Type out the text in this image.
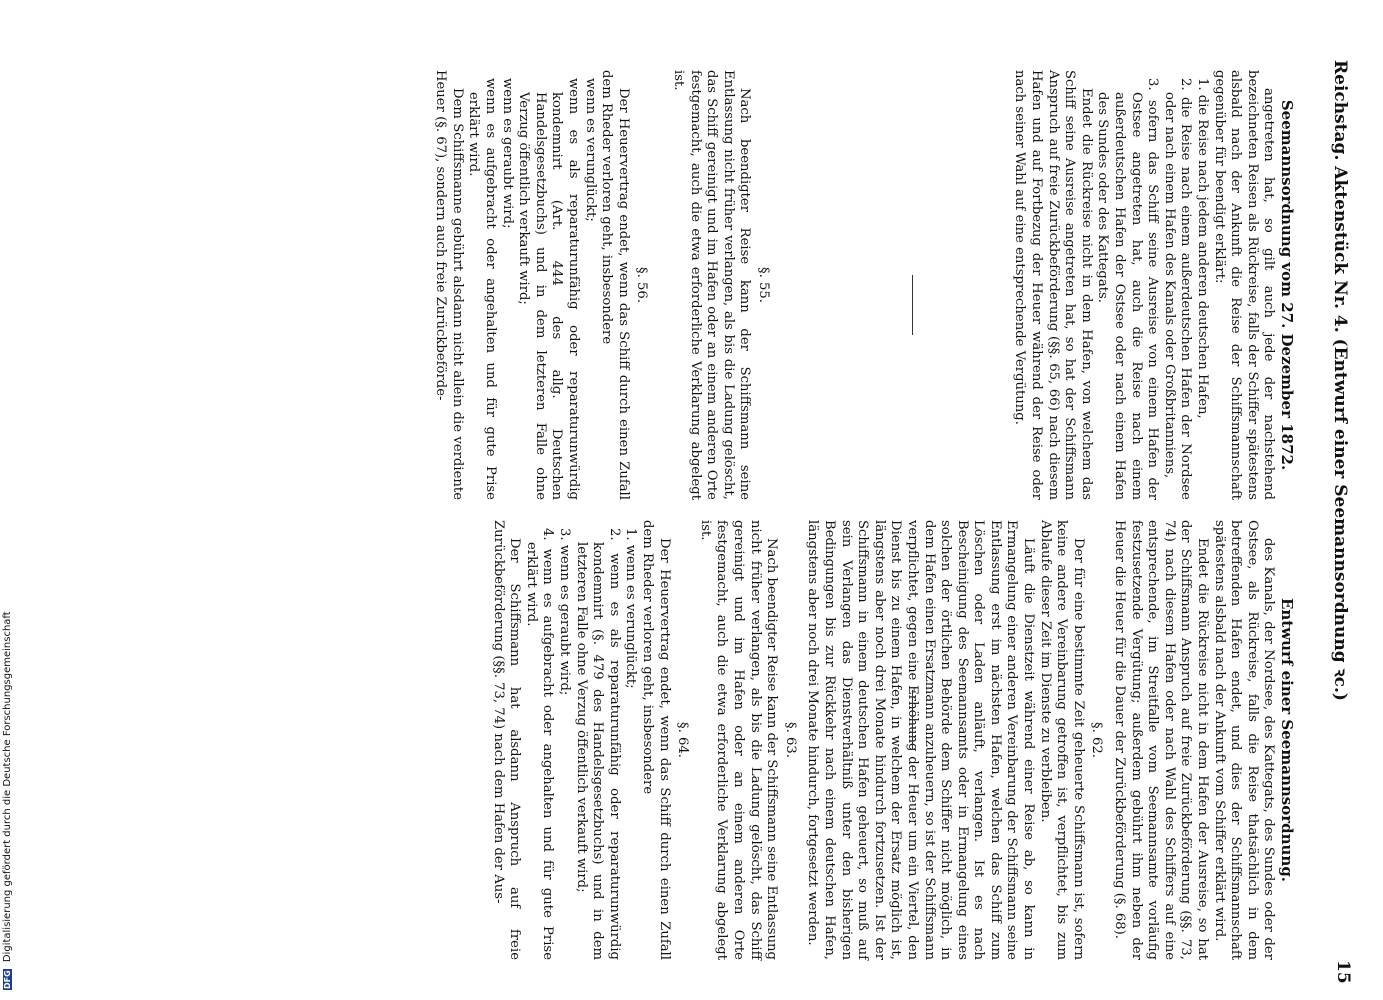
Reichstag. Aktenstück Nr. 4. (Entwurf einer Seemannsordnung ꝛc.)
15

Seemannsordnung vom 27. Dezember 1872.

angetreten hat, so gilt auch jede der nachstehend bezeichneten Reisen als Rückreise, falls der Schiffer spätestens alsbald nach der Ankunft die Reise der Schiffsmannschaft gegenüber für beendigt erklärt:

1. die Reise nach jedem anderen deutschen Hafen,

2. die Reise nach einem außerdeutschen Hafen der Nordsee oder nach einem Hafen des Kanals oder Großbritanniens,

3. sofern das Schiff seine Ausreise von einem Hafen der Ostsee angetreten hat, auch die Reise nach einem außerdeutschen Hafen der Ostsee oder nach einem Hafen des Sundes oder des Kattegats.

Endet die Rückreise nicht in dem Hafen, von welchem das Schiff seine Ausreise angetreten hat, so hat der Schiffsmann Anspruch auf freie Zurückbeförderung (§§. 65, 66) nach diesem Hafen und auf Fortbezug der Heuer während der Reise oder nach seiner Wahl auf eine entsprechende Vergütung.

§. 55.

Nach beendigter Reise kann der Schiffsmann seine Entlassung nicht früher verlangen, als bis die Ladung gelöscht, das Schiff gereinigt und im Hafen oder an einem anderen Orte festgemacht, auch die etwa erforderliche Verklarung abgelegt ist.

§. 56.

Der Heuervertrag endet, wenn das Schiff durch einen Zufall dem Rheder verloren geht, insbesondere

wenn es verunglückt;

wenn es als reparaturunfähig oder reparaturunwürdig kondemnirt (Art. 444 des allg. Deutschen Handelsgesetzbuchs) und in dem letzteren Falle ohne Verzug öffentlich verkauft wird;

wenn es geraubt wird;

wenn es aufgebracht oder angehalten und für gute Prise erklärt wird.

Dem Schiffsmanne gebührt alsdann nicht allein die verdiente Heuer (§. 67), sondern auch freie Zurückbeförde-

Entwurf einer Seemannsordnung.

des Kanals, der Nordsee, des Kattegats, des Sundes oder der Ostsee, als Rückreise, falls die Reise thatsächlich in dem betreffenden Hafen endet, und dies der Schiffsmannschaft spätestens alsbald nach der Ankunft vom Schiffer erklärt wird.

Endet die Rückreise nicht in dem Hafen der Ausreise, so hat der Schiffsmann Anspruch auf freie Zurückbeförderung (§§. 73, 74) nach diesem Hafen oder nach Wahl des Schiffers auf eine entsprechende, im Streitfalle vom Seemannsamte vorläufig festzusetzende Vergütung; außerdem gebührt ihm neben der Heuer die Heuer für die Dauer der Zurückbeförderung (§. 68).

§. 62.

Der für eine bestimmte Zeit geheuerte Schiffsmann ist, sofern keine andere Vereinbarung getroffen ist, verpflichtet, bis zum Ablaufe dieser Zeit im Dienste zu verbleiben.

Läuft die Dienstzeit während einer Reise ab, so kann in Ermangelung einer anderen Vereinbarung der Schiffsmann seine Entlassung erst im nächsten Hafen, welchen das Schiff zum Löschen oder Laden anläuft, verlangen. Ist es nach Bescheinigung des Seemannsamts oder in Ermangelung eines solchen der örtlichen Behörde dem Schiffer nicht möglich, in dem Hafen einen Ersatzmann anzuheuern, so ist der Schiffsmann verpflichtet, gegen eine Erhöhung der Heuer um ein Viertel, den Dienst bis zu einem Hafen, in welchem der Ersatz möglich ist, längstens aber noch drei Monate hindurch fortzusetzen. Ist der Schiffsmann in einem deutschen Hafen geheuert, so muß auf sein Verlangen das Dienstverhältniß unter den bisherigen Bedingungen bis zur Rückkehr nach einem deutschen Hafen, längstens aber noch drei Monate hindurch, fortgesetzt werden.

§. 63.

Nach beendigter Reise kann der Schiffsmann seine Entlassung nicht früher verlangen, als bis die Ladung gelöscht, das Schiff gereinigt und im Hafen oder an einem anderen Orte festgemacht, auch die etwa erforderliche Verklarung abgelegt ist.

§. 64.

Der Heuervertrag endet, wenn das Schiff durch einen Zufall dem Rheder verloren geht, insbesondere

1. wenn es verunglückt;

2. wenn es als reparaturunfähig oder reparaturunwürdig kondemnirt (§. 479 des Handelsgesetzbuchs) und in dem letzteren Falle ohne Verzug öffentlich verkauft wird;

3. wenn es geraubt wird;

4. wenn es aufgebracht oder angehalten und für gute Prise erklärt wird.

Der Schiffsmann hat alsdann Anspruch auf freie Zurückbeförderung (§§. 73, 74) nach dem Hafen der Aus-

DFG Digitalisierung gefördert durch die Deutsche Forschungsgemeinschaft
